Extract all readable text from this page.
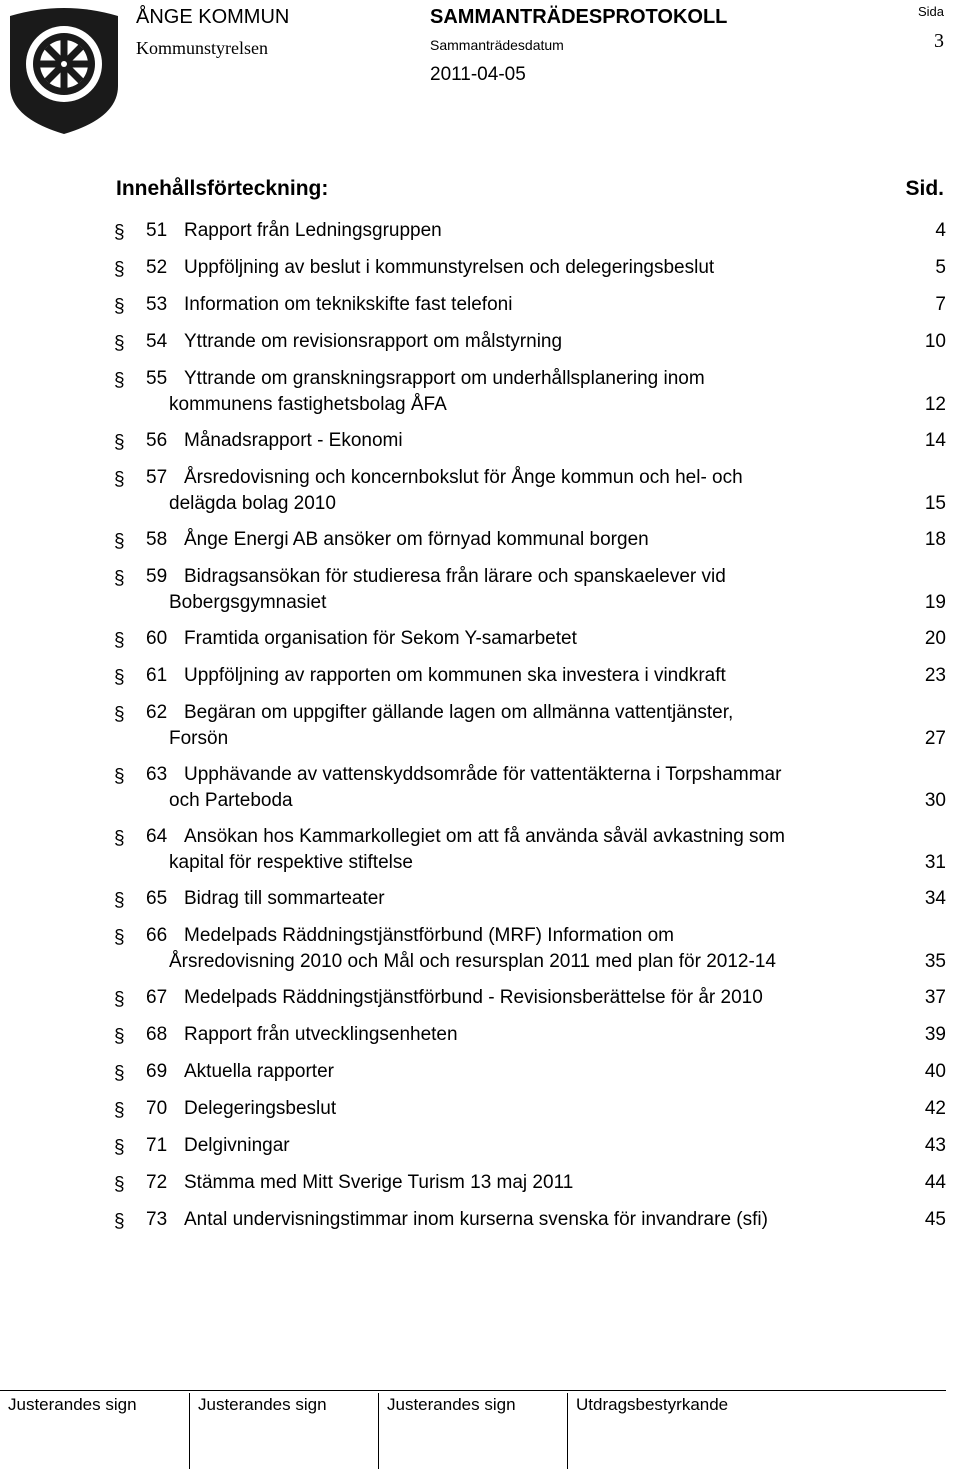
ÅNGE KOMMUN
Kommunstyrelsen
SAMMANTRÄDESPROTOKOLL
Sammanträdesdatum
2011-04-05
Sida
3
Innehållsförteckning:	Sid.
§ 51 Rapport från Ledningsgruppen	4
§ 52 Uppföljning av beslut i kommunstyrelsen och delegeringsbeslut	5
§ 53 Information om teknikskifte fast telefoni	7
§ 54 Yttrande om revisionsrapport om målstyrning	10
§ 55 Yttrande om granskningsrapport om underhållsplanering inom
kommunens fastighetsbolag ÅFA	12
§ 56 Månadsrapport - Ekonomi	14
§ 57 Årsredovisning och koncernbokslut för Ånge kommun och hel- och
delägda bolag 2010	15
§ 58 Ånge Energi AB ansöker om förnyad kommunal borgen	18
§ 59 Bidragsansökan för studieresa från lärare och spanskaelever vid
Bobergsgymnasiet	19
§ 60 Framtida organisation för Sekom Y-samarbetet	20
§ 61 Uppföljning av rapporten om kommunen ska investera i vindkraft	23
§ 62 Begäran om uppgifter gällande lagen om allmänna vattentjänster,
Forsön	27
§ 63 Upphävande av vattenskyddsområde för vattentäkterna i Torpshammar
och Parteboda	30
§ 64 Ansökan hos Kammarkollegiet om att få använda såväl avkastning som
kapital för respektive stiftelse	31
§ 65 Bidrag till sommarteater	34
§ 66 Medelpads Räddningstjänstförbund (MRF) Information om
Årsredovisning 2010 och Mål och resursplan 2011 med plan för 2012-14	35
§ 67 Medelpads Räddningstjänstförbund - Revisionsberättelse för år 2010	37
§ 68 Rapport från utvecklingsenheten	39
§ 69 Aktuella rapporter	40
§ 70 Delegeringsbeslut	42
§ 71 Delgivningar	43
§ 72 Stämma med Mitt Sverige Turism 13 maj 2011	44
§ 73 Antal undervisningstimmar inom kurserna svenska för invandrare (sfi)	45
Justerandes sign	Justerandes sign	Justerandes sign	Utdragsbestyrkande
